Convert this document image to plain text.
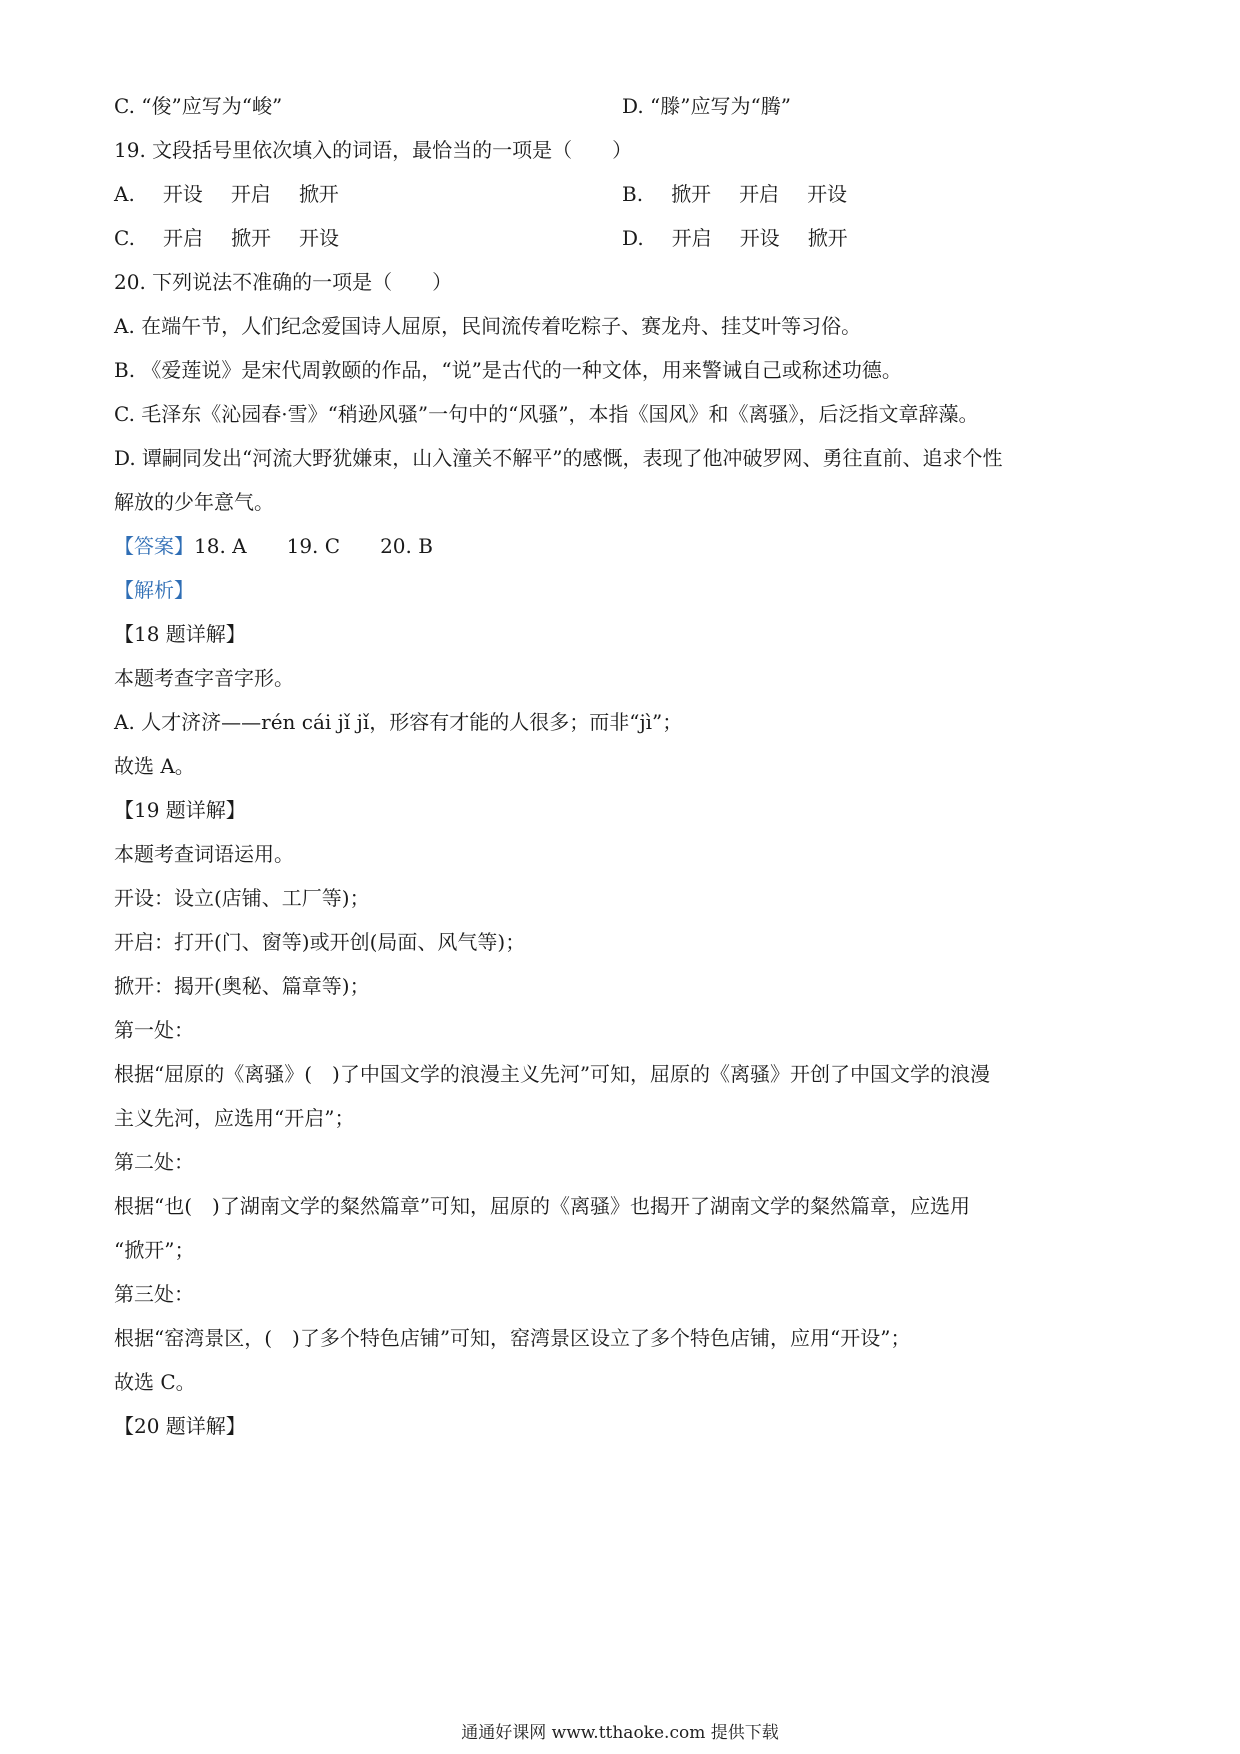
C. “俊”应写为“峻”	D. “滕”应写为“腾”
19. 文段括号里依次填入的词语，最恰当的一项是（　　）
A. 开设 开启 掀开	B. 掀开 开启 开设
C. 开启 掀开 开设	D. 开启 开设 掀开
20. 下列说法不准确的一项是（　　）
A. 在端午节，人们纪念爱国诗人屈原，民间流传着吃粽子、赛龙舟、挂艾叶等习俗。
B. 《爱莲说》是宋代周敦颐的作品，“说”是古代的一种文体，用来警诫自己或称述功德。
C. 毛泽东《沁园春·雪》“稍逊风骚”一句中的“风骚”，本指《国风》和《离骚》，后泛指文章辞藻。
D. 谭嗣同发出“河流大野犹嫌束，山入潼关不解平”的感慨，表现了他冲破罗网、勇往直前、追求个性
解放的少年意气。
【答案】18. A 19. C 20. B
【解析】
【18 题详解】
本题考查字音字形。
A. 人才济济——rén cái jǐ jǐ，形容有才能的人很多；而非“jì”；
故选 A。
【19 题详解】
本题考查词语运用。
开设：设立(店铺、工厂等)；
开启：打开(门、窗等)或开创(局面、风气等)；
掀开：揭开(奥秘、篇章等)；
第一处：
根据“屈原的《离骚》(　)了中国文学的浪漫主义先河”可知，屈原的《离骚》开创了中国文学的浪漫
主义先河，应选用“开启”；
第二处：
根据“也(　)了湖南文学的粲然篇章”可知，屈原的《离骚》也揭开了湖南文学的粲然篇章，应选用
“掀开”；
第三处：
根据“窑湾景区，(　)了多个特色店铺”可知，窑湾景区设立了多个特色店铺，应用“开设”；
故选 C。
【20 题详解】
通通好课网 www.tthaoke.com 提供下载
